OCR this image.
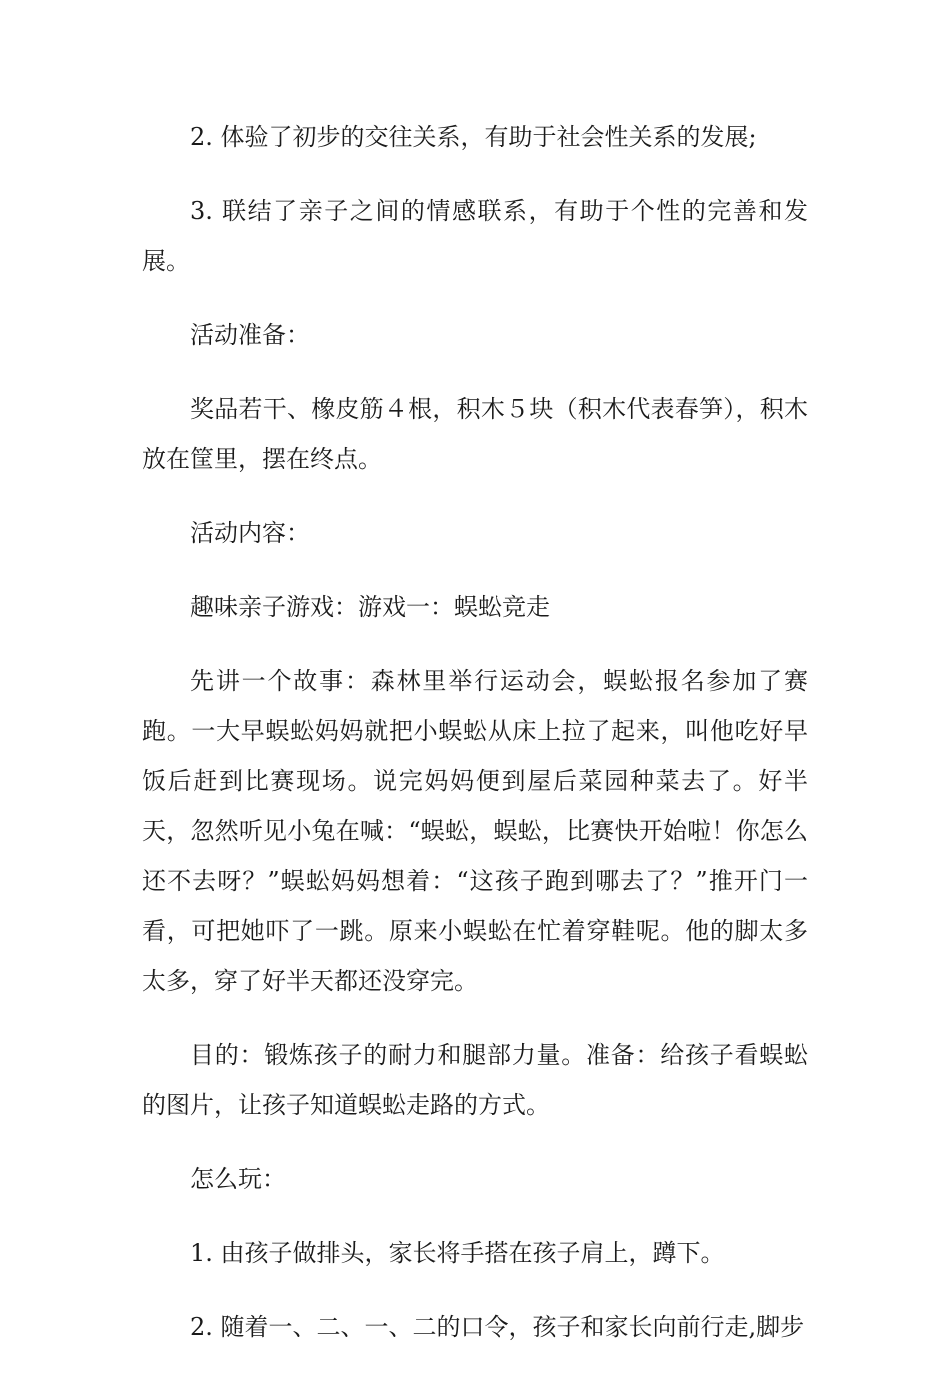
2. 体验了初步的交往关系，有助于社会性关系的发展;

3. 联结了亲子之间的情感联系，有助于个性的完善和发展。

活动准备：

奖品若干、橡皮筋４根，积木５块（积木代表春笋），积木放在筐里，摆在终点。

活动内容：

趣味亲子游戏：游戏一：蜈蚣竞走

先讲一个故事：森林里举行运动会，蜈蚣报名参加了赛跑。一大早蜈蚣妈妈就把小蜈蚣从床上拉了起来，叫他吃好早饭后赶到比赛现场。说完妈妈便到屋后菜园种菜去了。好半天，忽然听见小兔在喊：“蜈蚣，蜈蚣，比赛快开始啦！你怎么还不去呀？”蜈蚣妈妈想着：“这孩子跑到哪去了？”推开门一看，可把她吓了一跳。原来小蜈蚣在忙着穿鞋呢。他的脚太多太多，穿了好半天都还没穿完。

目的：锻炼孩子的耐力和腿部力量。准备：给孩子看蜈蚣的图片，让孩子知道蜈蚣走路的方式。

怎么玩：

1. 由孩子做排头，家长将手搭在孩子肩上，蹲下。

2. 随着一、二、一、二的口令，孩子和家长向前行走,脚步
